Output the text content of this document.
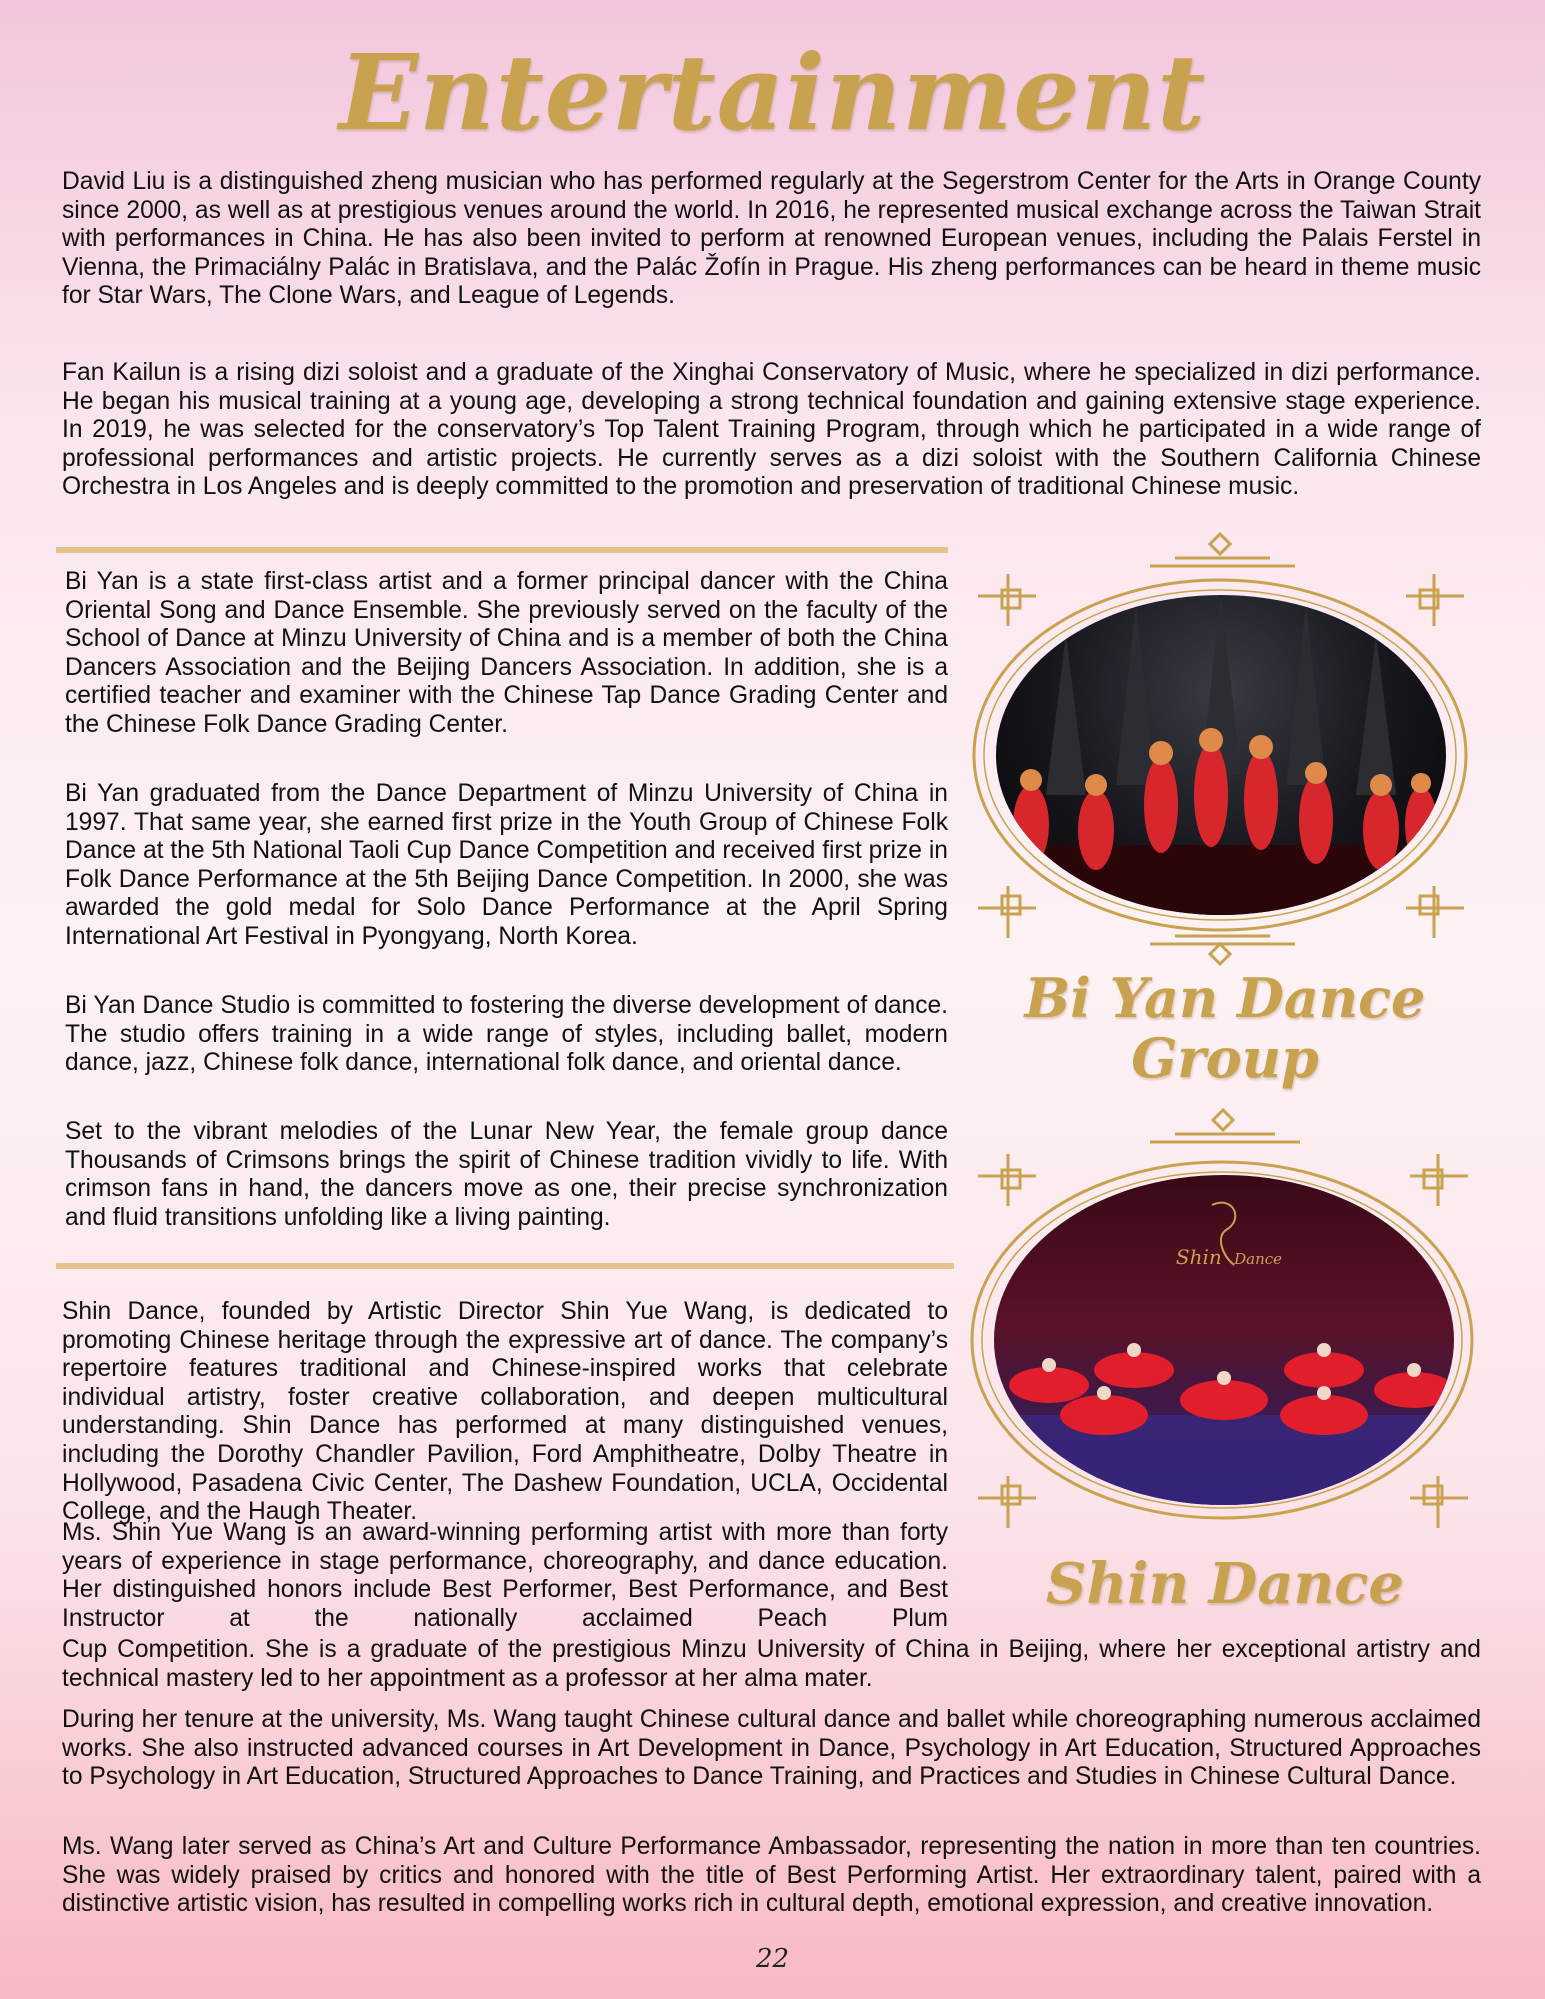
Entertainment

David Liu is a distinguished zheng musician who has performed regularly at the Segerstrom Center for the Arts in Orange County since 2000, as well as at prestigious venues around the world. In 2016, he represented musical exchange across the Taiwan Strait with performances in China. He has also been invited to perform at renowned European venues, including the Palais Ferstel in Vienna, the Primaciálny Palác in Bratislava, and the Palác Žofín in Prague. His zheng performances can be heard in theme music for Star Wars, The Clone Wars, and League of Legends.

Fan Kailun is a rising dizi soloist and a graduate of the Xinghai Conservatory of Music, where he specialized in dizi performance. He began his musical training at a young age, developing a strong technical foundation and gaining extensive stage experience. In 2019, he was selected for the conservatory’s Top Talent Training Program, through which he participated in a wide range of professional performances and artistic projects. He currently serves as a dizi soloist with the Southern California Chinese Orchestra in Los Angeles and is deeply committed to the promotion and preservation of traditional Chinese music.

Bi Yan is a state first-class artist and a former principal dancer with the China Oriental Song and Dance Ensemble. She previously served on the faculty of the School of Dance at Minzu University of China and is a member of both the China Dancers Association and the Beijing Dancers Association. In addition, she is a certified teacher and examiner with the Chinese Tap Dance Grading Center and the Chinese Folk Dance Grading Center.

Bi Yan graduated from the Dance Department of Minzu University of China in 1997. That same year, she earned first prize in the Youth Group of Chinese Folk Dance at the 5th National Taoli Cup Dance Competition and received first prize in Folk Dance Performance at the 5th Beijing Dance Competition. In 2000, she was awarded the gold medal for Solo Dance Performance at the April Spring International Art Festival in Pyongyang, North Korea.

Bi Yan Dance Studio is committed to fostering the diverse development of dance. The studio offers training in a wide range of styles, including ballet, modern dance, jazz, Chinese folk dance, international folk dance, and oriental dance.

Set to the vibrant melodies of the Lunar New Year, the female group dance Thousands of Crimsons brings the spirit of Chinese tradition vividly to life. With crimson fans in hand, the dancers move as one, their precise synchronization and fluid transitions unfolding like a living painting.

Bi Yan Dance Group

Shin Dance, founded by Artistic Director Shin Yue Wang, is dedicated to promoting Chinese heritage through the expressive art of dance. The company’s repertoire features traditional and Chinese-inspired works that celebrate individual artistry, foster creative collaboration, and deepen multicultural understanding. Shin Dance has performed at many distinguished venues, including the Dorothy Chandler Pavilion, Ford Amphitheatre, Dolby Theatre in Hollywood, Pasadena Civic Center, The Dashew Foundation, UCLA, Occidental College, and the Haugh Theater.

Ms. Shin Yue Wang is an award-winning performing artist with more than forty years of experience in stage performance, choreography, and dance education. Her distinguished honors include Best Performer, Best Performance, and Best Instructor at the nationally acclaimed Peach Plum

Cup Competition. She is a graduate of the prestigious Minzu University of China in Beijing, where her exceptional artistry and technical mastery led to her appointment as a professor at her alma mater.

During her tenure at the university, Ms. Wang taught Chinese cultural dance and ballet while choreographing numerous acclaimed works. She also instructed advanced courses in Art Development in Dance, Psychology in Art Education, Structured Approaches to Psychology in Art Education, Structured Approaches to Dance Training, and Practices and Studies in Chinese Cultural Dance.

Ms. Wang later served as China’s Art and Culture Performance Ambassador, representing the nation in more than ten countries. She was widely praised by critics and honored with the title of Best Performing Artist. Her extraordinary talent, paired with a distinctive artistic vision, has resulted in compelling works rich in cultural depth, emotional expression, and creative innovation.

Shin Dance
Shin Dance
22
